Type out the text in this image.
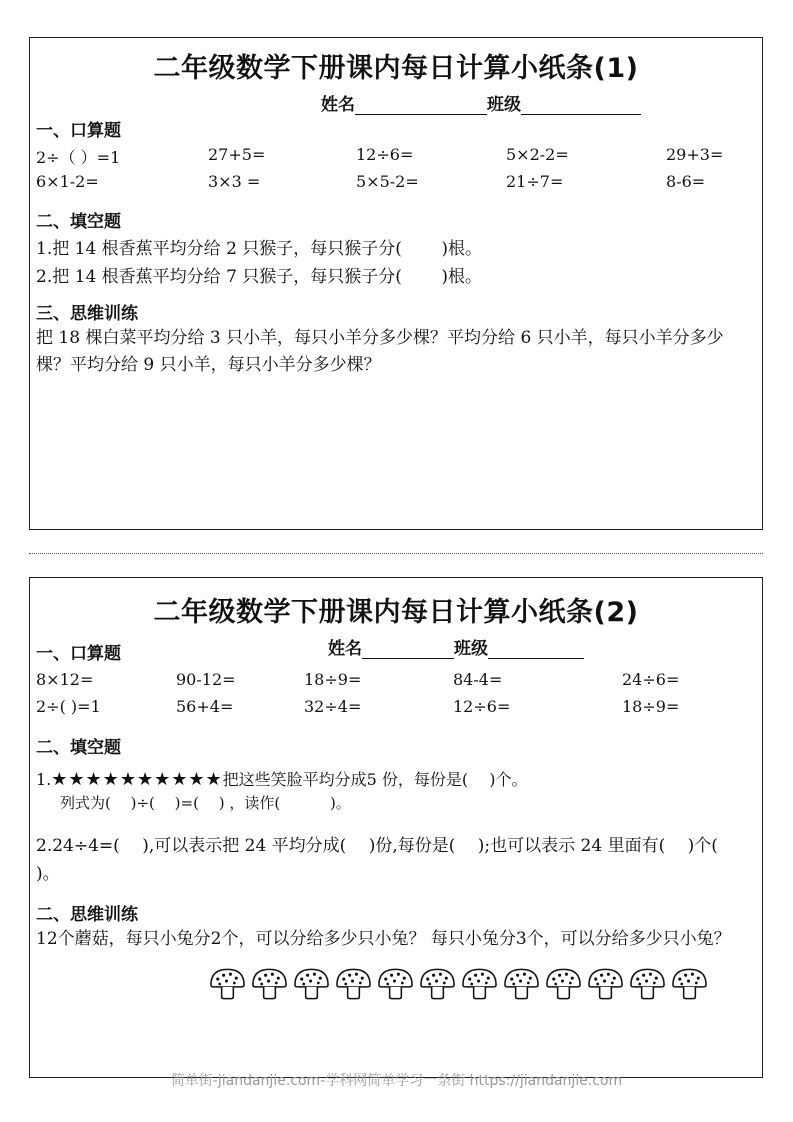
二年级数学下册课内每日计算小纸条(1)
姓名	班级
一、口算题
2÷（ ）=1	27+5=	12÷6=	5×2-2=	29+3=
6×1-2=	3×3 =	5×5-2=	21÷7=	8-6=
二、填空题
1.把 14 根香蕉平均分给 2 只猴子，每只猴子分(　　 )根。
2.把 14 根香蕉平均分给 7 只猴子，每只猴子分(　　 )根。
三、思维训练
把 18 棵白菜平均分给 3 只小羊，每只小羊分多少棵？平均分给 6 只小羊，每只小羊分多少棵？平均分给 9 只小羊，每只小羊分多少棵？
二年级数学下册课内每日计算小纸条(2)
姓名	班级
一、口算题
8×12=	90-12=	18÷9=	84-4=	24÷6=
2÷( )=1	56+4=	32÷4=	12÷6=	18÷9=
二、填空题
1.★★★★★★★★★★把这些笑脸平均分成5 份，每份是(　 )个。
列式为(　 )÷(　 )=(　 ) ，读作(　　　 )。
2.24÷4=(　 ),可以表示把 24 平均分成(　 )份,每份是(　 );也可以表示 24 里面有(　 )个(　 )。
二、思维训练
12个蘑菇，每只小兔分2个，可以分给多少只小兔？ 每只小兔分3个，可以分给多少只小兔？
简单街-jiandanjie.com-学科网简单学习一条街 https://jiandanjie.com
